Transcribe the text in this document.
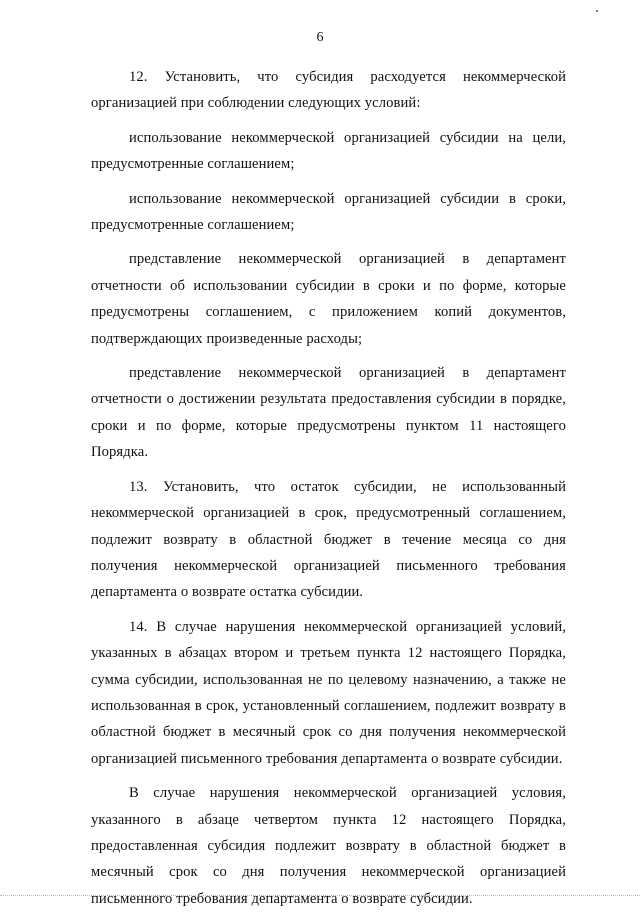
6

12. Установить, что субсидия расходуется некоммерческой организацией при соблюдении следующих условий:

использование некоммерческой организацией субсидии на цели, предусмотренные соглашением;

использование некоммерческой организацией субсидии в сроки, предусмотренные соглашением;

представление некоммерческой организацией в департамент отчетности об использовании субсидии в сроки и по форме, которые предусмотрены соглашением, с приложением копий документов, подтверждающих произведенные расходы;

представление некоммерческой организацией в департамент отчетности о достижении результата предоставления субсидии в порядке, сроки и по форме, которые предусмотрены пунктом 11 настоящего Порядка.

13. Установить, что остаток субсидии, не использованный некоммерческой организацией в срок, предусмотренный соглашением, подлежит возврату в областной бюджет в течение месяца со дня получения некоммерческой организацией письменного требования департамента о возврате остатка субсидии.

14. В случае нарушения некоммерческой организацией условий, указанных в абзацах втором и третьем пункта 12 настоящего Порядка, сумма субсидии, использованная не по целевому назначению, а также не использованная в срок, установленный соглашением, подлежит возврату в областной бюджет в месячный срок со дня получения некоммерческой организацией письменного требования департамента о возврате субсидии.

В случае нарушения некоммерческой организацией условия, указанного в абзаце четвертом пункта 12 настоящего Порядка, предоставленная субсидия подлежит возврату в областной бюджет в месячный срок со дня получения некоммерческой организацией письменного требования департамента о возврате субсидии.
